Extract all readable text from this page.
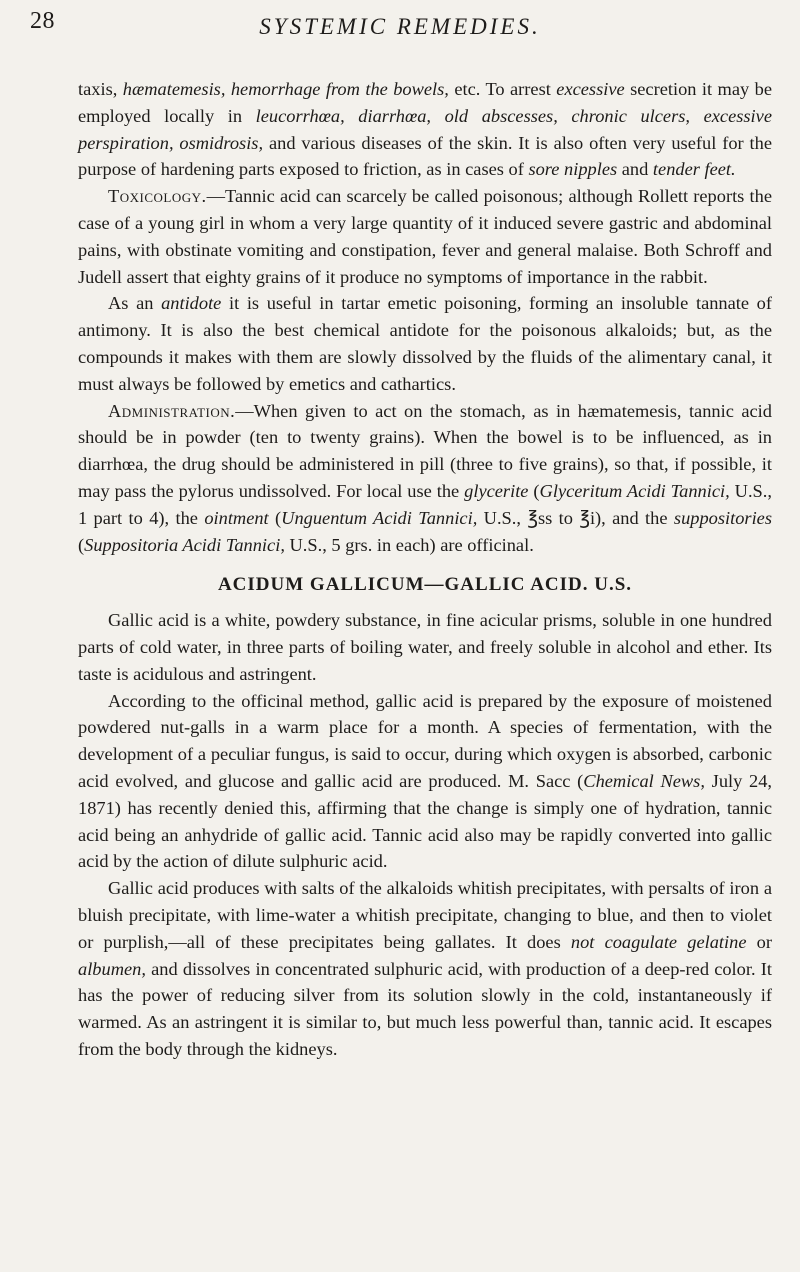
28	SYSTEMIC REMEDIES.

taxis, hæmatemesis, hemorrhage from the bowels, etc. To arrest excessive secretion it may be employed locally in leucorrhœa, diarrhœa, old abscesses, chronic ulcers, excessive perspiration, osmidrosis, and various diseases of the skin. It is also often very useful for the purpose of hardening parts exposed to friction, as in cases of sore nipples and tender feet.

Toxicology.—Tannic acid can scarcely be called poisonous; although Rollett reports the case of a young girl in whom a very large quantity of it induced severe gastric and abdominal pains, with obstinate vomiting and constipation, fever and general malaise. Both Schroff and Judell assert that eighty grains of it produce no symptoms of importance in the rabbit.

As an antidote it is useful in tartar emetic poisoning, forming an insoluble tannate of antimony. It is also the best chemical antidote for the poisonous alkaloids; but, as the compounds it makes with them are slowly dissolved by the fluids of the alimentary canal, it must always be followed by emetics and cathartics.

Administration.—When given to act on the stomach, as in hæmatemesis, tannic acid should be in powder (ten to twenty grains). When the bowel is to be influenced, as in diarrhœa, the drug should be administered in pill (three to five grains), so that, if possible, it may pass the pylorus undissolved. For local use the glycerite (Glyceritum Acidi Tannici, U.S., 1 part to 4), the ointment (Unguentum Acidi Tannici, U.S., ℥ss to ℥i), and the suppositories (Suppositoria Acidi Tannici, U.S., 5 grs. in each) are officinal.

ACIDUM GALLICUM—GALLIC ACID. U.S.

Gallic acid is a white, powdery substance, in fine acicular prisms, soluble in one hundred parts of cold water, in three parts of boiling water, and freely soluble in alcohol and ether. Its taste is acidulous and astringent.

According to the officinal method, gallic acid is prepared by the exposure of moistened powdered nut-galls in a warm place for a month. A species of fermentation, with the development of a peculiar fungus, is said to occur, during which oxygen is absorbed, carbonic acid evolved, and glucose and gallic acid are produced. M. Sacc (Chemical News, July 24, 1871) has recently denied this, affirming that the change is simply one of hydration, tannic acid being an anhydride of gallic acid. Tannic acid also may be rapidly converted into gallic acid by the action of dilute sulphuric acid.

Gallic acid produces with salts of the alkaloids whitish precipitates, with persalts of iron a bluish precipitate, with lime-water a whitish precipitate, changing to blue, and then to violet or purplish,—all of these precipitates being gallates. It does not coagulate gelatine or albumen, and dissolves in concentrated sulphuric acid, with production of a deep-red color. It has the power of reducing silver from its solution slowly in the cold, instantaneously if warmed. As an astringent it is similar to, but much less powerful than, tannic acid. It escapes from the body through the kidneys.
